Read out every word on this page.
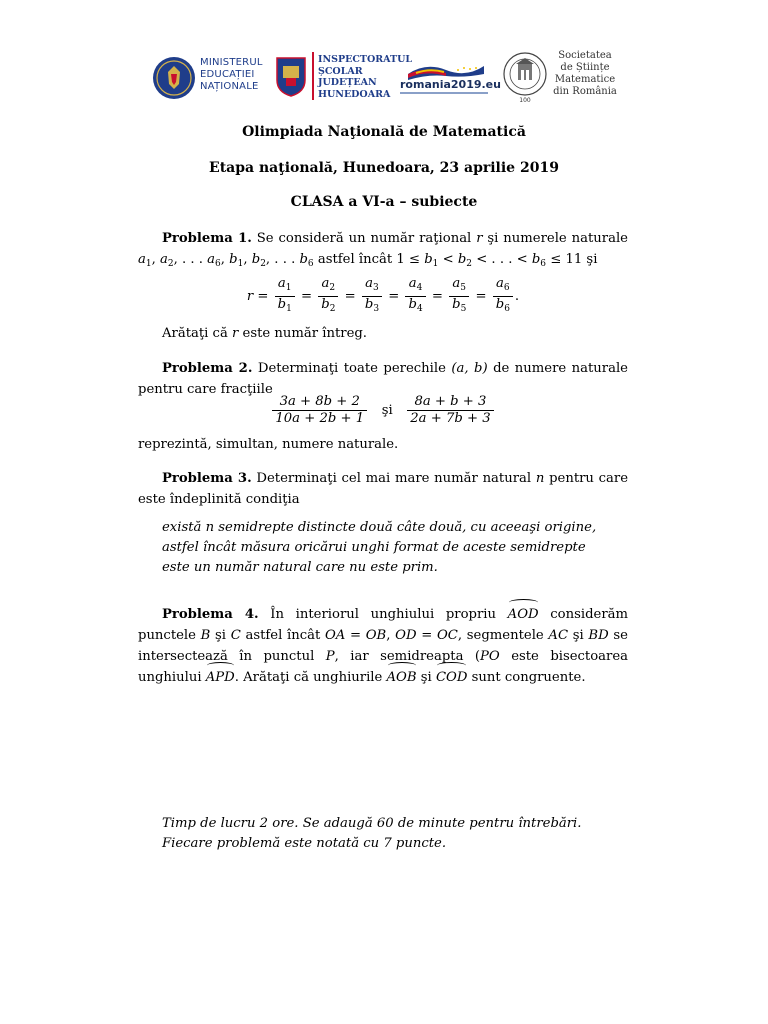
MINISTERUL
EDUCAȚIEI
NAȚIONALE
INSPECTORATUL
ȘCOLAR
JUDEȚEAN
HUNEDOARA
romania2019.eu
100
Societatea
de Științe
Matematice
din România
Olimpiada Naţională de Matematică
Etapa naţională, Hunedoara, 23 aprilie 2019
CLASA a VI-a – subiecte
Problema 1. Se consideră un număr raţional r şi numerele naturale $a_1$, $a_2$, . . . $a_6$, $b_1$, $b_2$, . . . $b_6$ astfel încât $1 \le b_1 < b_2$ < . . . < $b_6 \le 11$ şi
$r = \frac{a_1}{b_1} = \frac{a_2}{b_2} = \frac{a_3}{b_3} = \frac{a_4}{b_4} = \frac{a_5}{b_5} = \frac{a_6}{b_6}$ .
Arătaţi că r este număr întreg.
Problema 2. Determinaţi toate perechile (a, b) de numere naturale pentru care fracţiile
$\frac{3a + 8b + 2}{10a + 2b + 1}$ şi $\frac{8a + b + 3}{2a + 7b + 3}$
reprezintă, simultan, numere naturale.
Problema 3. Determinaţi cel mai mare număr natural n pentru care este îndeplinită condiţia
există n semidrepte distincte două câte două, cu aceeaşi origine,
astfel încât măsura oricărui unghi format de aceste semidrepte
este un număr natural care nu este prim.
Problema 4. În interiorul unghiului propriu AOD considerăm punctele B şi C astfel încât OA = OB, OD = OC, segmentele AC şi BD se intersectează în punctul P, iar semidreapta (PO este bisectoarea unghiului APD. Arătaţi că unghiurile AOB şi COD sunt congruente.
Timp de lucru 2 ore. Se adaugă 60 de minute pentru întrebări.
Fiecare problemă este notată cu 7 puncte.
